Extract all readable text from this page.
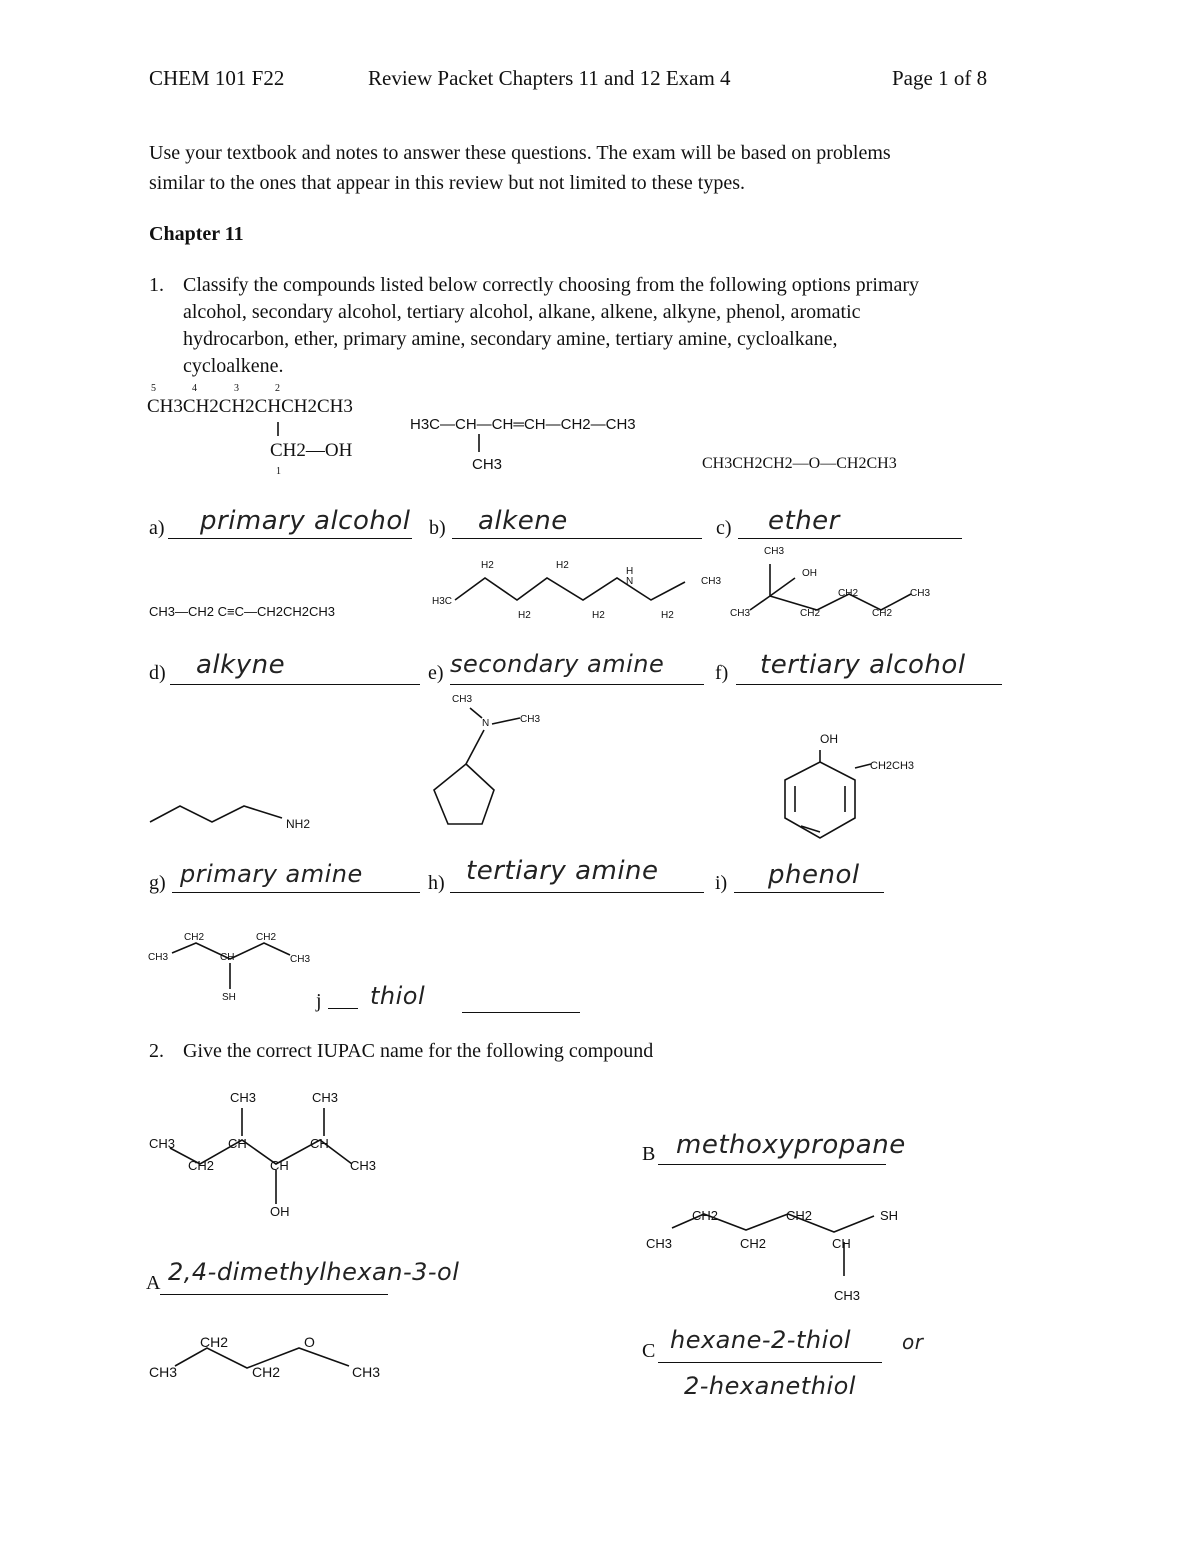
CHEM 101 F22	Review Packet Chapters 11 and 12 Exam 4	Page 1 of 8
Use your textbook and notes to answer these questions. The exam will be based on problems
similar to the ones that appear in this review but not limited to these types.
Chapter 11
1. Classify the compounds listed below correctly choosing from the following options primary
alcohol, secondary alcohol, tertiary alcohol, alkane, alkene, alkyne, phenol, aromatic
hydrocarbon, ether, primary amine, secondary amine, tertiary amine, cycloalkane,
cycloalkene.
5	4	3	2
CH3CH2CH2CHCH2CH3
CH2—OH
1
H3C—CH—CH═CH—CH2—CH3
CH3	CH3CH2CH2—O—CH2CH3
a) primary alcohol b) alkene	c) ether
CH3—CH2 C≡C—CH2CH2CH3
H3C
H2	H2
H
N	CH3
H2	H2	H2
CH3
OH
CH3	CH2
CH2
CH2
CH3
d) alkyne	e) secondary amine	f) tertiary alcohol
NH2
CH3
N	CH3
OH
CH2CH3
g) primary amine	h) tertiary amine	i) phenol
CH3
CH2
CH
CH2
CH3
SH	j thiol
2. Give the correct IUPAC name for the following compound
CH3	CH3
CH3	CH	CH
CH2	CH	CH3
OH
A 2,4-dimethylhexan-3-ol
CH3
CH2	O
CH2	CH3
B methoxypropane
CH3
CH2
CH2
CH2
CH
SH
CH3
C hexane-2-thiol	or
2-hexanethiol
